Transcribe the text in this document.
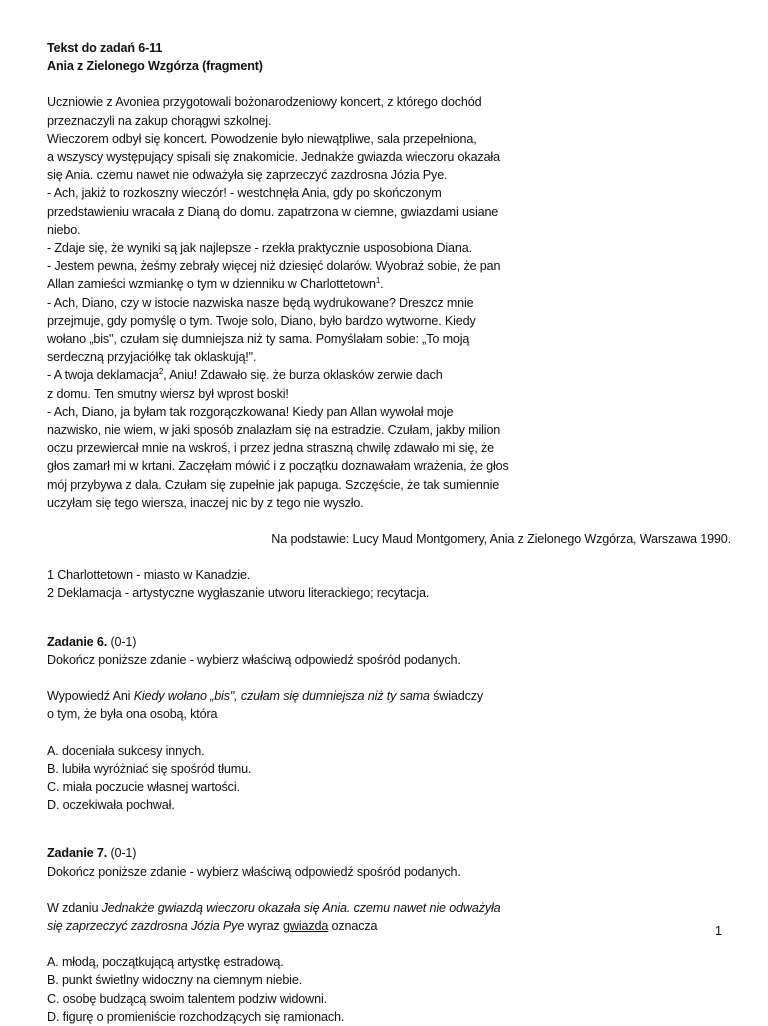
Tekst do zadań 6-11

Ania z Zielonego Wzgórza (fragment)

Uczniowie z Avoniea przygotowali bożonarodzeniowy koncert, z którego dochód

przeznaczyli na zakup chorągwi szkolnej.

Wieczorem odbył się koncert. Powodzenie było niewątpliwe, sala przepełniona,

a wszyscy występujący spisali się znakomicie. Jednakże gwiazda wieczoru okazała

się Ania. czemu nawet nie odważyła się zaprzeczyć zazdrosna Józia Pye.

- Ach, jakiż to rozkoszny wieczór! - westchnęła Ania, gdy po skończonym

przedstawieniu wracała z Dianą do domu. zapatrzona w ciemne, gwiazdami usiane

niebo.

- Zdaje się, że wyniki są jak najlepsze - rzekła praktycznie usposobiona Diana.

- Jestem pewna, żeśmy zebrały więcej niż dziesięć dolarów. Wyobraź sobie, że pan

Allan zamieści wzmiankę o tym w dzienniku w Charlottetown$^1$.

- Ach, Diano, czy w istocie nazwiska nasze będą wydrukowane? Dreszcz mnie

przejmuje, gdy pomyślę o tym. Twoje solo, Diano, było bardzo wytworne. Kiedy

wołano „bis", czułam się dumniejsza niż ty sama. Pomyślałam sobie: „To moją

serdeczną przyjaciółkę tak oklaskują!".

- A twoja deklamacja$^2$, Aniu! Zdawało się. że burza oklasków zerwie dach

z domu. Ten smutny wiersz był wprost boski!

- Ach, Diano, ja byłam tak rozgorączkowana! Kiedy pan Allan wywołał moje

nazwisko, nie wiem, w jaki sposób znalazłam się na estradzie. Czułam, jakby milion

oczu przewiercał mnie na wskroś, i przez jedna straszną chwilę zdawało mi się, że

głos zamarł mi w krtani. Zaczęłam mówić i z początku doznawałam wrażenia, że głos

mój przybywa z dala. Czułam się zupełnie jak papuga. Szczęście, że tak sumiennie

uczyłam się tego wiersza, inaczej nic by z tego nie wyszło.

Na podstawie: Lucy Maud Montgomery, Ania z Zielonego Wzgórza, Warszawa 1990.

1 Charlottetown - miasto w Kanadzie.

2 Deklamacja - artystyczne wygłaszanie utworu literackiego; recytacja.

Zadanie 6. (0-1)

Dokończ poniższe zdanie - wybierz właściwą odpowiedź spośród podanych.

Wypowiedź Ani Kiedy wołano „bis", czułam się dumniejsza niż ty sama świadczy

o tym, że była ona osobą, która

A. doceniała sukcesy innych.

B. lubiła wyróżniać się spośród tłumu.

C. miała poczucie własnej wartości.

D. oczekiwała pochwał.

Zadanie 7. (0-1)

Dokończ poniższe zdanie - wybierz właściwą odpowiedź spośród podanych.

W zdaniu Jednakże gwiazdą wieczoru okazała się Ania. czemu nawet nie odważyła

się zaprzeczyć zazdrosna Józia Pye wyraz gwiazda oznacza

A. młodą, początkującą artystkę estradową.

B. punkt świetlny widoczny na ciemnym niebie.

C. osobę budzącą swoim talentem podziw widowni.

D. figurę o promieniście rozchodzących się ramionach.

1
